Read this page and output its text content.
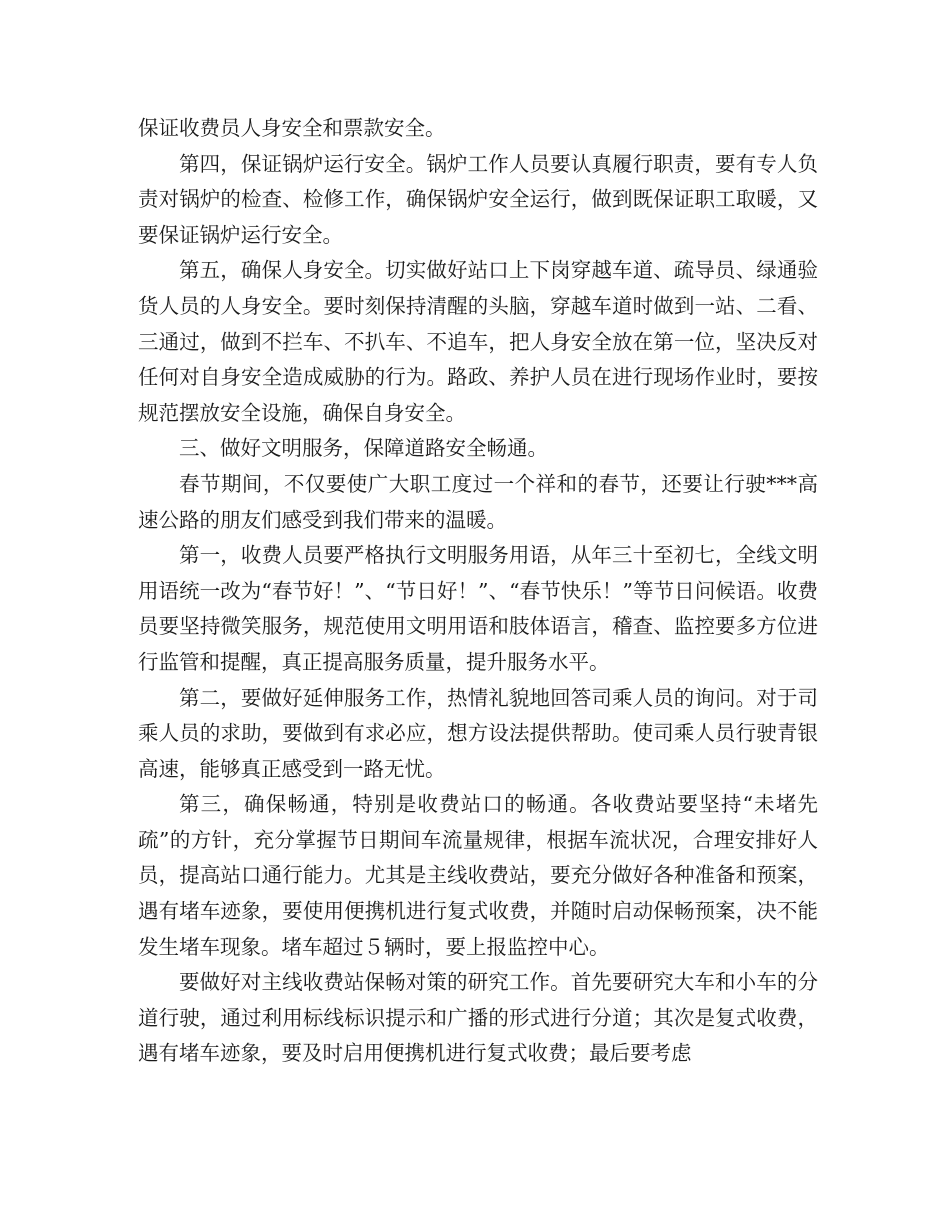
保证收费员人身安全和票款安全。

第四，保证锅炉运行安全。锅炉工作人员要认真履行职责，要有专人负责对锅炉的检查、检修工作，确保锅炉安全运行，做到既保证职工取暖，又要保证锅炉运行安全。

第五，确保人身安全。切实做好站口上下岗穿越车道、疏导员、绿通验货人员的人身安全。要时刻保持清醒的头脑，穿越车道时做到一站、二看、三通过，做到不拦车、不扒车、不追车，把人身安全放在第一位，坚决反对任何对自身安全造成威胁的行为。路政、养护人员在进行现场作业时，要按规范摆放安全设施，确保自身安全。

三、做好文明服务，保障道路安全畅通。

春节期间，不仅要使广大职工度过一个祥和的春节，还要让行驶***高速公路的朋友们感受到我们带来的温暖。

第一，收费人员要严格执行文明服务用语，从年三十至初七，全线文明用语统一改为“春节好！”、“节日好！”、“春节快乐！”等节日问候语。收费员要坚持微笑服务，规范使用文明用语和肢体语言，稽查、监控要多方位进行监管和提醒，真正提高服务质量，提升服务水平。

第二，要做好延伸服务工作，热情礼貌地回答司乘人员的询问。对于司乘人员的求助，要做到有求必应，想方设法提供帮助。使司乘人员行驶青银高速，能够真正感受到一路无忧。

第三，确保畅通，特别是收费站口的畅通。各收费站要坚持“未堵先疏”的方针，充分掌握节日期间车流量规律，根据车流状况，合理安排好人员，提高站口通行能力。尤其是主线收费站，要充分做好各种准备和预案，遇有堵车迹象，要使用便携机进行复式收费，并随时启动保畅预案，决不能发生堵车现象。堵车超过５辆时，要上报监控中心。

要做好对主线收费站保畅对策的研究工作。首先要研究大车和小车的分道行驶，通过利用标线标识提示和广播的形式进行分道；其次是复式收费，遇有堵车迹象，要及时启用便携机进行复式收费；最后要考虑
